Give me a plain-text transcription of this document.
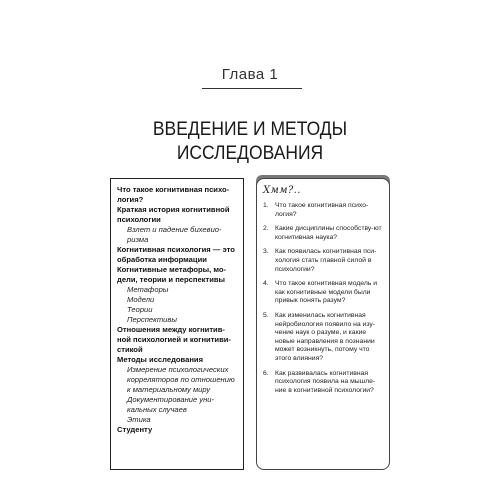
Глава 1
ВВЕДЕНИЕ И МЕТОДЫ
ИССЛЕДОВАНИЯ
Что такое когнитивная психо-
логия?
Краткая история когнитивной
психологии
Взлет и падение бихевио-
ризма
Когнитивная психология — это
обработка информации
Когнитивные метафоры, мо-
дели, теории и перспективы
Метафоры
Модели
Теории
Перспективы
Отношения между когнитив-
ной психологией и когнитиви-
стикой
Методы исследования
Измерение психологических
корреляторов по отношению
к материальному миру
Документирование уни-
кальных случаев
Этика
Студенту
Хмм?..
1. Что такое когнитивная психо-логия?
2. Какие дисциплины способству-ют когнитивная наука?
3. Как появилась когнитивная пси-хология стать главной силой в психологии?
4. Что такое когнитивная модель и как когнитивные модели были привык понять разум?
5. Как изменилась когнитивная нейробиология появило на изу-чение наук о разуме, и какие новые направления в познании может возникнуть, потому что этого влияния?
6. Как развивалась когнитивная психология появила на мышле-ние в когнитивной психологии?
